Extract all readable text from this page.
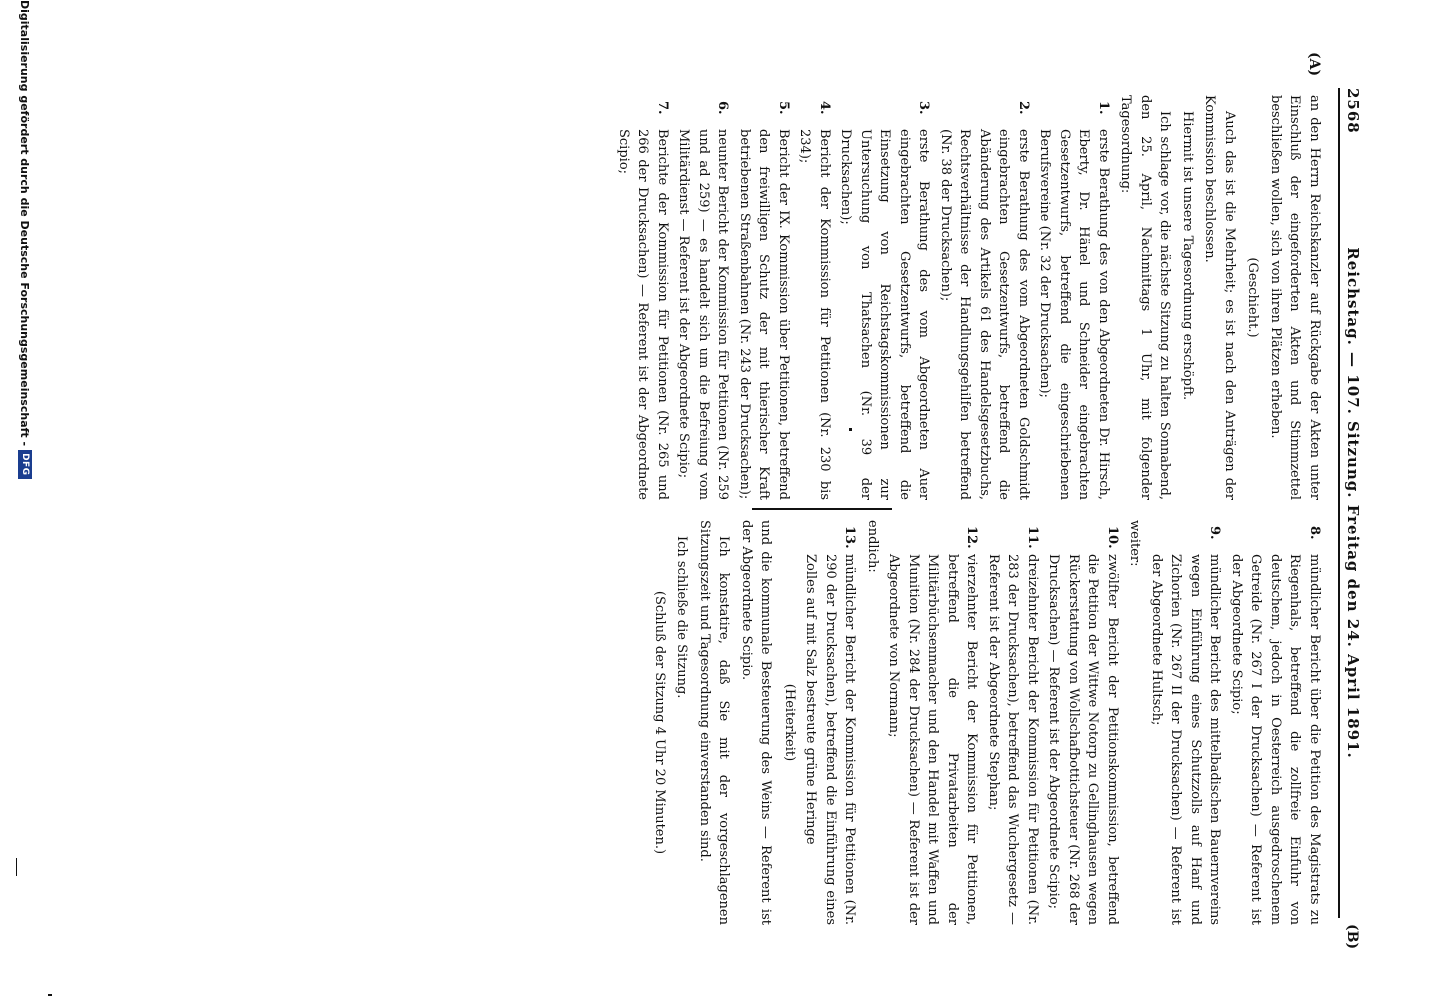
2568
Reichstag. — 107. Sitzung. Freitag den 24. April 1891.
(A)
(B)

an den Herrn Reichskanzler auf Rückgabe der Akten unter Einschluß der eingeforderten Akten und Stimmzettel beschließen wollen, sich von ihren Plätzen erheben.

(Geschieht.)

Auch das ist die Mehrheit; es ist nach den Anträgen der Kommission beschlossen.

Hiermit ist unsere Tagesordnung erschöpft.

Ich schlage vor, die nächste Sitzung zu halten Sonnabend, den 25. April, Nachmittags 1 Uhr, mit folgender Tagesordnung:

1.
erste Berathung des von den Abgeordneten Dr. Hirsch, Eberty, Dr. Hänel und Schneider eingebrachten Gesetzentwurfs, betreffend die eingeschriebenen Berufsvereine (Nr. 32 der Drucksachen);

2.
erste Berathung des vom Abgeordneten Goldschmidt eingebrachten Gesetzentwurfs, betreffend die Abänderung des Artikels 61 des Handelsgesetzbuchs, Rechtsverhältnisse der Handlungsgehilfen betreffend (Nr. 38 der Drucksachen);

3.
erste Berathung des vom Abgeordneten Auer eingebrachten Gesetzentwurfs, betreffend die Einsetzung von Reichstagskommissionen zur Untersuchung von Thatsachen (Nr. 39 der Drucksachen);

4.
Bericht der Kommission für Petitionen (Nr. 230 bis 234);

5.
Bericht der IX. Kommission über Petitionen, betreffend den freiwilligen Schutz der mit thierischer Kraft betriebenen Straßenbahnen (Nr. 243 der Drucksachen);

6.
neunter Bericht der Kommission für Petitionen (Nr. 259 und ad 259) — es handelt sich um die Befreiung vom Militärdienst — Referent ist der Abgeordnete Scipio;

7.
Berichte der Kommission für Petitionen (Nr. 265 und 266 der Drucksachen) — Referent ist der Abgeordnete Scipio;

8.
mündlicher Bericht über die Petition des Magistrats zu Riegenhals, betreffend die zollfreie Einfuhr von deutschem, jedoch in Oesterreich ausgedroschenem Getreide (Nr. 267 I der Drucksachen) — Referent ist der Abgeordnete Scipio;

9.
mündlicher Bericht des mittelbadischen Bauernvereins wegen Einführung eines Schutzzolls auf Hanf und Zichorien (Nr. 267 II der Drucksachen) — Referent ist der Abgeordnete Hultsch;

weiter:

10.
zwölfter Bericht der Petitionskommission, betreffend die Petition der Wittwe Notorp zu Gellinghausen wegen Rückerstattung von Wollschafbottichsteuer (Nr. 268 der Drucksachen) — Referent ist der Abgeordnete Scipio;

11.
dreizehnter Bericht der Kommission für Petitionen (Nr. 283 der Drucksachen), betreffend das Wuchergesetz — Referent ist der Abgeordnete Stephan;

12.
vierzehnter Bericht der Kommission für Petitionen, betreffend die Privatarbeiten der Militärbüchsenmacher und den Handel mit Waffen und Munition (Nr. 284 der Drucksachen) — Referent ist der Abgeordnete von Normann;

endlich:

13.
mündlicher Bericht der Kommission für Petitionen (Nr. 290 der Drucksachen), betreffend die Einführung eines Zolles auf mit Salz bestreute grüne Heringe

(Heiterkeit)

und die kommunale Besteuerung des Weins — Referent ist der Abgeordnete Scipio.

Ich konstatire, daß Sie mit der vorgeschlagenen Sitzungszeit und Tagesordnung einverstanden sind.

Ich schließe die Sitzung.

(Schluß der Sitzung 4 Uhr 20 Minuten.)

Digitalisierung gefördert durch die Deutsche Forschungsgemeinschaft -
DFG
